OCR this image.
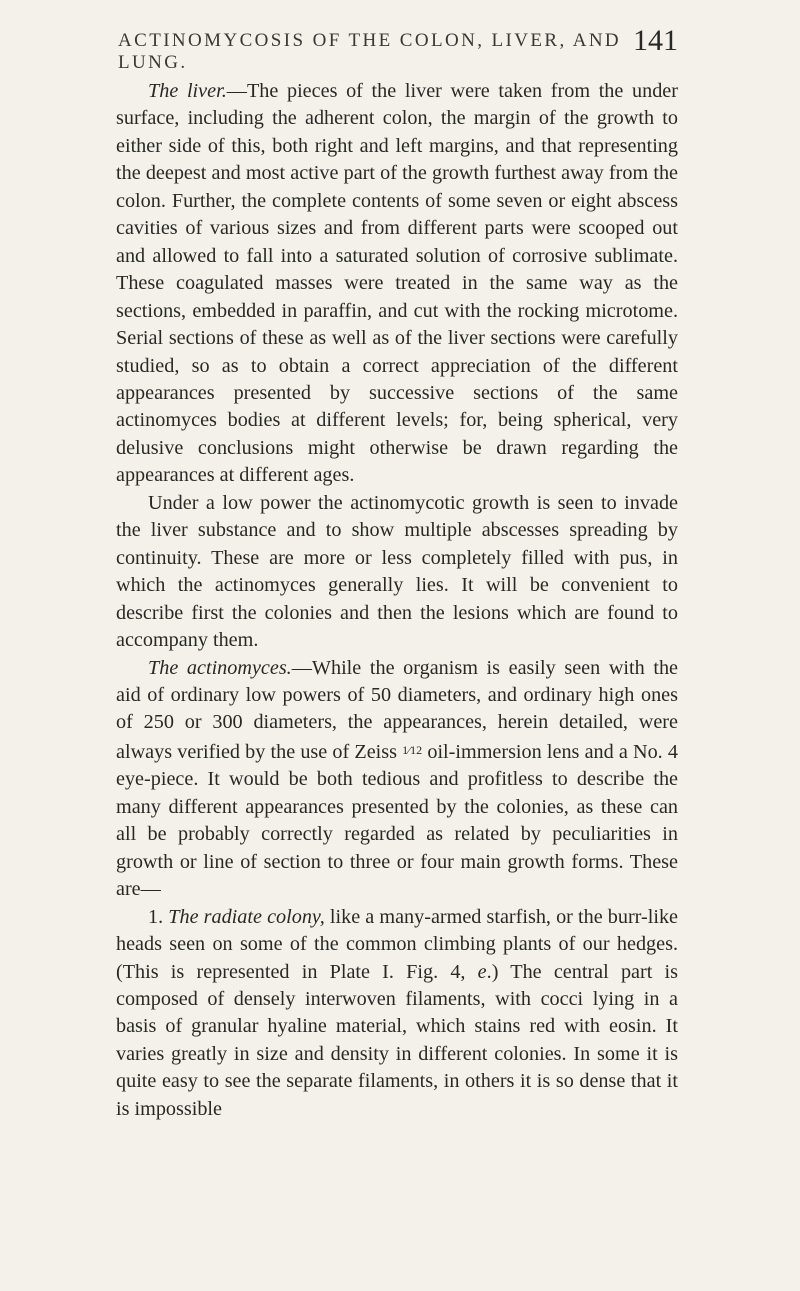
ACTINOMYCOSIS OF THE COLON, LIVER, AND LUNG.
141

The liver.—The pieces of the liver were taken from the under surface, including the adherent colon, the margin of the growth to either side of this, both right and left margins, and that representing the deepest and most active part of the growth furthest away from the colon. Further, the complete contents of some seven or eight abscess cavities of various sizes and from different parts were scooped out and allowed to fall into a saturated solution of corrosive sublimate. These coagulated masses were treated in the same way as the sections, embedded in paraffin, and cut with the rocking microtome. Serial sections of these as well as of the liver sections were carefully studied, so as to obtain a correct appreciation of the different appearances presented by successive sections of the same actinomyces bodies at different levels; for, being spherical, very delusive conclusions might otherwise be drawn regarding the appearances at different ages.

Under a low power the actinomycotic growth is seen to invade the liver substance and to show multiple abscesses spreading by continuity. These are more or less completely filled with pus, in which the actinomyces generally lies. It will be convenient to describe first the colonies and then the lesions which are found to accompany them.

The actinomyces.—While the organism is easily seen with the aid of ordinary low powers of 50 diameters, and ordinary high ones of 250 or 300 diameters, the appearances, herein detailed, were always verified by the use of Zeiss 1⁄12 oil-immersion lens and a No. 4 eye-piece. It would be both tedious and profitless to describe the many different appearances presented by the colonies, as these can all be probably correctly regarded as related by peculiarities in growth or line of section to three or four main growth forms. These are—

1. The radiate colony, like a many-armed starfish, or the burr-like heads seen on some of the common climbing plants of our hedges. (This is represented in Plate I. Fig. 4, e.) The central part is composed of densely interwoven filaments, with cocci lying in a basis of granular hyaline material, which stains red with eosin. It varies greatly in size and density in different colonies. In some it is quite easy to see the separate filaments, in others it is so dense that it is impossible
